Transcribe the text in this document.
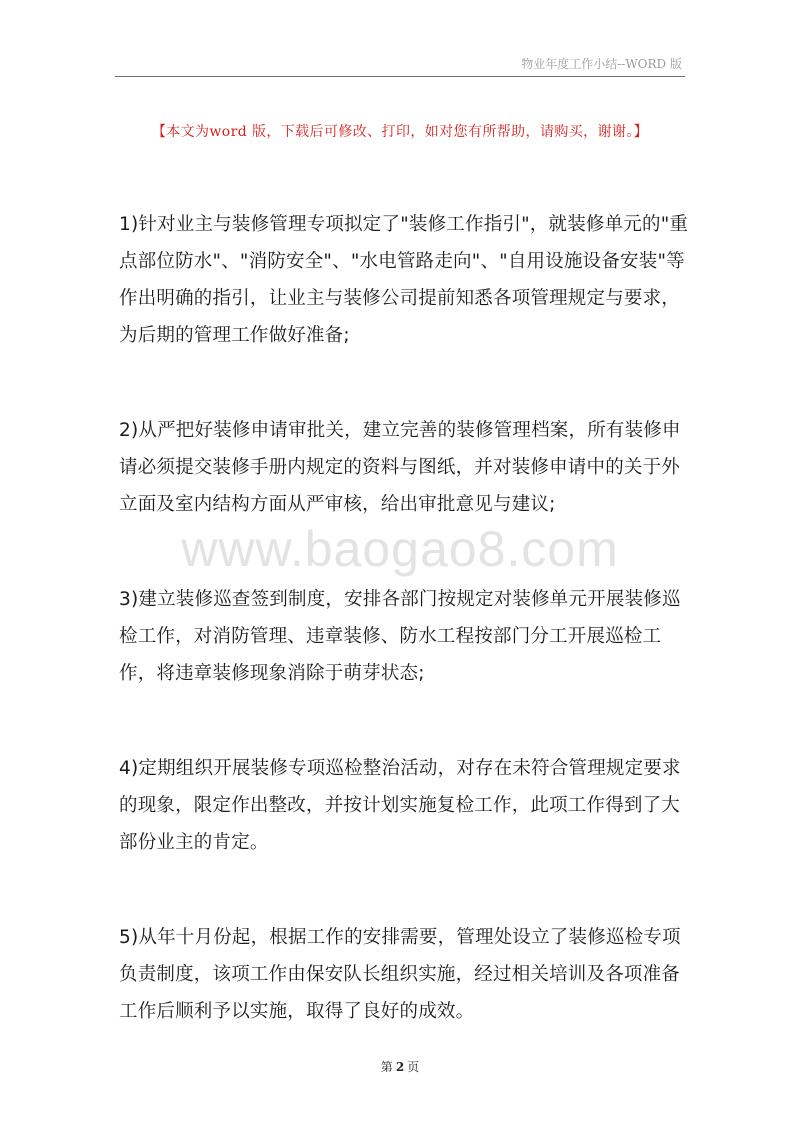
物业年度工作小结--WORD 版
【本文为word 版，下载后可修改、打印，如对您有所帮助，请购买，谢谢。】
www.baogao8.com

1)针对业主与装修管理专项拟定了"装修工作指引"，就装修单元的"重点部位防水"、"消防安全"、"水电管路走向"、"自用设施设备安装"等作出明确的指引，让业主与装修公司提前知悉各项管理规定与要求，为后期的管理工作做好准备;

2)从严把好装修申请审批关，建立完善的装修管理档案，所有装修申请必须提交装修手册内规定的资料与图纸，并对装修申请中的关于外立面及室内结构方面从严审核，给出审批意见与建议;

3)建立装修巡查签到制度，安排各部门按规定对装修单元开展装修巡检工作，对消防管理、违章装修、防水工程按部门分工开展巡检工作，将违章装修现象消除于萌芽状态;

4)定期组织开展装修专项巡检整治活动，对存在未符合管理规定要求的现象，限定作出整改，并按计划实施复检工作，此项工作得到了大部份业主的肯定。

5)从年十月份起，根据工作的安排需要，管理处设立了装修巡检专项负责制度，该项工作由保安队长组织实施，经过相关培训及各项准备工作后顺利予以实施，取得了良好的成效。

第 2 页
